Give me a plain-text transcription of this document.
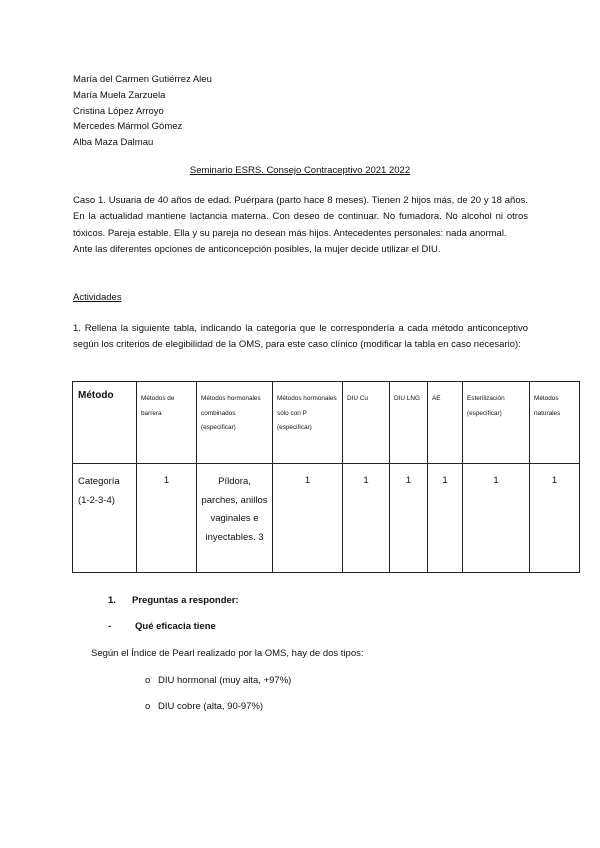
María del Carmen Gutiérrez Aleu
María Muela Zarzuela
Cristina López Arroyo
Mercedes Mármol Gómez
Alba Maza Dalmau
Seminario ESRS. Consejo Contraceptivo 2021 2022

Caso 1. Usuaria de 40 años de edad. Puérpara (parto hace 8 meses). Tienen 2 hijos más, de 20 y 18 años. En la actualidad mantiene lactancia materna. Con deseo de continuar. No fumadora. No alcohol ni otros tóxicos. Pareja estable. Ella y su pareja no desean más hijos. Antecedentes personales: nada anormal.

Ante las diferentes opciones de anticoncepción posibles, la mujer decide utilizar el DIU.

Actividades
1. Rellena la siguiente tabla, indicando la categoría que le correspondería a cada método anticonceptivo según los criterios de elegibilidad de la OMS, para este caso clínico (modificar la tabla en caso necesario):
Método	Métodos de barrera	Métodos hormonales combinados (especificar)	Métodos hormonales sólo con P (especificar)	DIU Cu	DIU LNG	AE	Esterilización (especificar)	Métodos naturales
Categoría (1-2-3-4)	1	Píldora, parches, anillos vaginales e inyectables. 3	1	1	1	1	1	1
1. Preguntas a responder:
-	Qué eficacia tiene
Según el Índice de Pearl realizado por la OMS, hay de dos tipos:
o DIU hormonal (muy alta, +97%)
o DIU cobre (alta, 90-97%)
